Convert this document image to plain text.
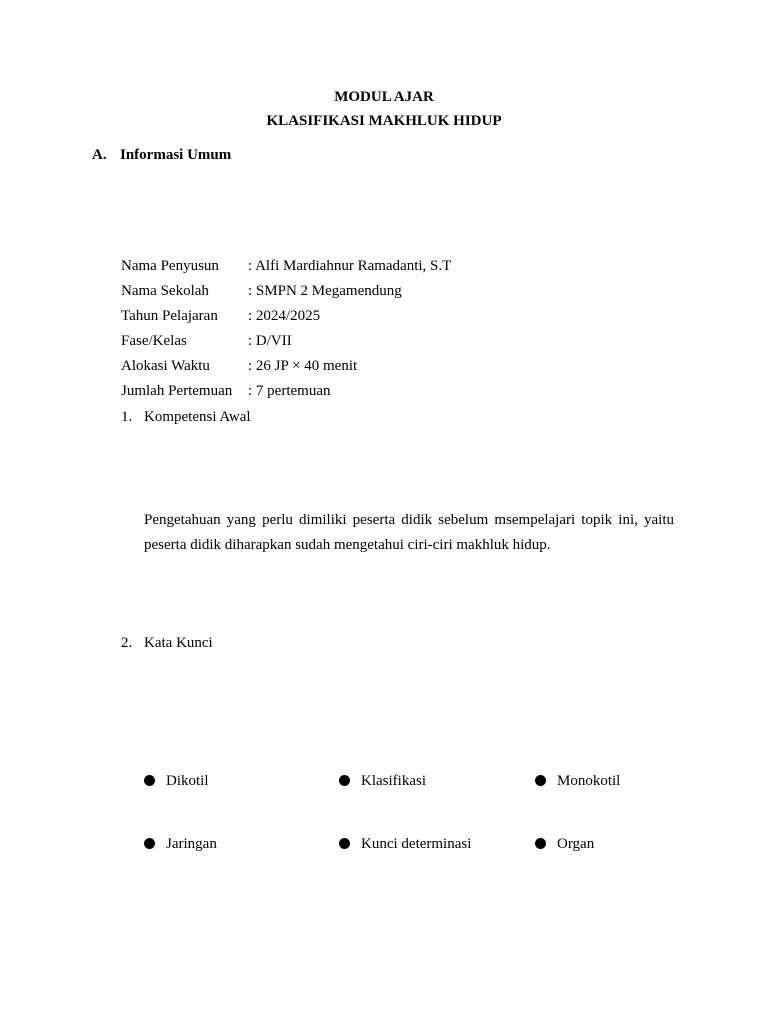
MODUL AJAR
KLASIFIKASI MAKHLUK HIDUP
A. Informasi Umum
Nama Penyusun : Alfi Mardiahnur Ramadanti, S.T
Nama Sekolah	: SMPN 2 Megamendung
Tahun Pelajaran : 2024/2025
Fase/Kelas	: D/VII
Alokasi Waktu	: 26 JP × 40 menit
Jumlah Pertemuan : 7 pertemuan
1. Kompetensi Awal
Pengetahuan yang perlu dimiliki peserta didik sebelum msempelajari topik ini, yaitu peserta didik diharapkan sudah mengetahui ciri-ciri makhluk hidup.
2. Kata Kunci
Dikotil	Klasifikasi	Monokotil
Jaringan	Kunci determinasi	Organ
